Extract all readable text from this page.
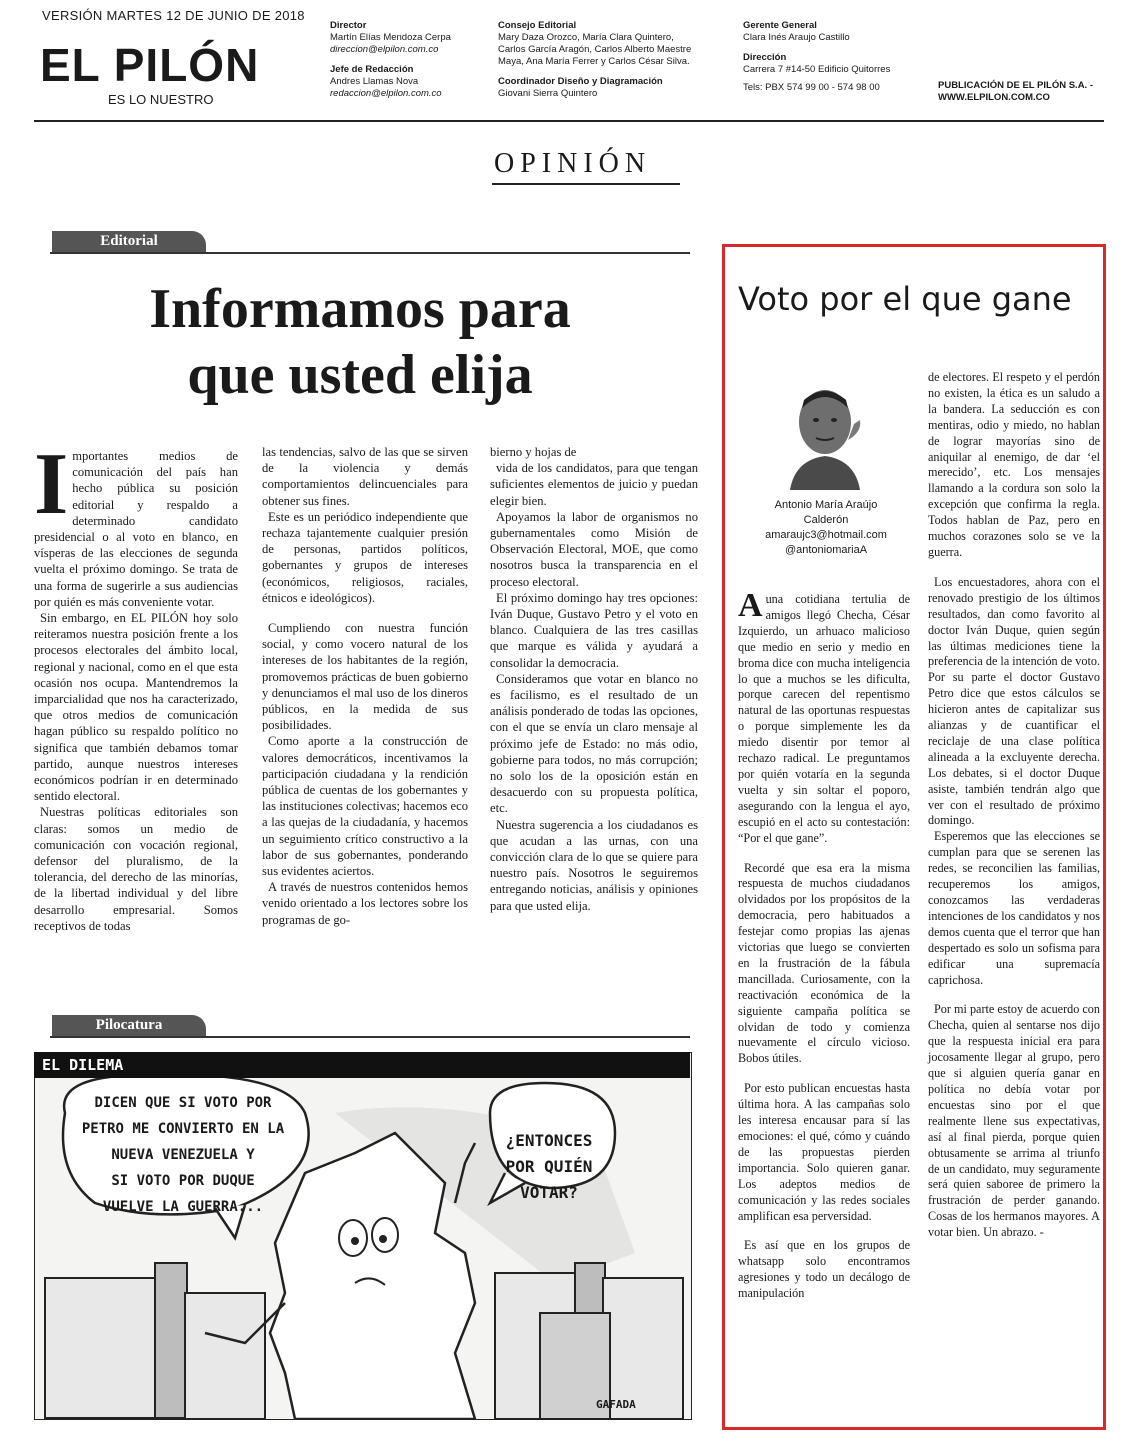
VERSIÓN MARTES 12 DE JUNIO DE 2018
EL PILÓN
ES LO NUESTRO
Director
Martín Elías Mendoza Cerpa
direccion@elpilon.com.co
Jefe de Redacción
Andres Llamas Nova
redaccion@elpilon.com.co
Consejo Editorial
Mary Daza Orozco, María Clara Quintero,
Carlos García Aragón, Carlos Alberto Maestre
Maya, Ana María Ferrer y Carlos César Silva.
Coordinador Diseño y Diagramación
Giovani Sierra Quintero
Gerente General
Clara Inés Araujo Castillo
Dirección
Carrera 7 #14-50 Edificio Quitorres
Tels: PBX 574 99 00 - 574 98 00	PUBLICACIÓN DE EL PILÓN S.A. -
WWW.ELPILON.COM.CO
OPINIÓN
Editorial
Informamos para
que usted elija
I mportantes medios de comunicación del país han hecho pública su posición editorial y respaldo a determinado candidato presidencial o al voto en blanco, en vísperas de las elecciones de segunda vuelta el próximo domingo. Se trata de una forma de sugerirle a sus audiencias por quién es más conveniente votar.

Sin embargo, en EL PILÓN hoy solo reiteramos nuestra posición frente a los procesos electorales del ámbito local, regional y nacional, como en el que esta ocasión nos ocupa. Mantendremos la imparcialidad que nos ha caracterizado, que otros medios de comunicación hagan público su respaldo político no significa que también debamos tomar partido, aunque nuestros intereses económicos podrían ir en determinado sentido electoral.

Nuestras políticas editoriales son claras: somos un medio de comunicación con vocación regional, defensor del pluralismo, de la tolerancia, del derecho de las minorías, de la libertad individual y del libre desarrollo empresarial. Somos receptivos de todas

las tendencias, salvo de las que se sirven de la violencia y demás comportamientos delincuenciales para obtener sus fines.

Este es un periódico independiente que rechaza tajantemente cualquier presión de personas, partidos políticos, gobernantes y grupos de intereses (económicos, religiosos, raciales, étnicos e ideológicos).

Cumpliendo con nuestra función social, y como vocero natural de los intereses de los habitantes de la región, promovemos prácticas de buen gobierno y denunciamos el mal uso de los dineros públicos, en la medida de sus posibilidades.

Como aporte a la construcción de valores democráticos, incentivamos la participación ciudadana y la rendición pública de cuentas de los gobernantes y las instituciones colectivas; hacemos eco a las quejas de la ciudadanía, y hacemos un seguimiento crítico constructivo a la labor de sus gobernantes, ponderando sus evidentes aciertos.

A través de nuestros contenidos hemos venido orientado a los lectores sobre los programas de go-

bierno y hojas de

vida de los candidatos, para que tengan suficientes elementos de juicio y puedan elegir bien.

Apoyamos la labor de organismos no gubernamentales como Misión de Observación Electoral, MOE, que como nosotros busca la transparencia en el proceso electoral.

El próximo domingo hay tres opciones: Iván Duque, Gustavo Petro y el voto en blanco. Cualquiera de las tres casillas que marque es válida y ayudará a consolidar la democracia.

Consideramos que votar en blanco no es facilismo, es el resultado de un análisis ponderado de todas las opciones, con el que se envía un claro mensaje al próximo jefe de Estado: no más odio, gobierne para todos, no más corrupción; no solo los de la oposición están en desacuerdo con su propuesta política, etc.

Nuestra sugerencia a los ciudadanos es que acudan a las urnas, con una convicción clara de lo que se quiere para nuestro país. Nosotros le seguiremos entregando noticias, análisis y opiniones para que usted elija.

Pilocatura
EL DILEMA
DICEN QUE SI VOTO POR
PETRO ME CONVIERTO EN LA
NUEVA VENEZUELA Y
SI VOTO POR DUQUE
VUELVE LA GUERRA...
¿ENTONCES
POR QUIÉN
VOTAR?
GAFADA
Voto por el que gane
Antonio María Araújo
Calderón
amaraujc3@hotmail.com
@antoniomariaA
A una cotidiana tertulia de amigos llegó Checha, César Izquierdo, un arhuaco malicioso que medio en serio y medio en broma dice con mucha inteligencia lo que a muchos se les dificulta, porque carecen del repentismo natural de las oportunas respuestas o porque simplemente les da miedo disentir por temor al rechazo radical. Le preguntamos por quién votaría en la segunda vuelta y sin soltar el poporo, asegurando con la lengua el ayo, escupió en el acto su contestación: “Por el que gane”.

Recordé que esa era la misma respuesta de muchos ciudadanos olvidados por los propósitos de la democracia, pero habituados a festejar como propias las ajenas victorias que luego se convierten en la frustración de la fábula mancillada. Curiosamente, con la reactivación económica de la siguiente campaña política se olvidan de todo y comienza nuevamente el círculo vicioso. Bobos útiles.

Por esto publican encuestas hasta última hora. A las campañas solo les interesa encausar para sí las emociones: el qué, cómo y cuándo de las propuestas pierden importancia. Solo quieren ganar. Los adeptos medios de comunicación y las redes sociales amplifican esa perversidad.

Es así que en los grupos de whatsapp solo encontramos agresiones y todo un decálogo de manipulación

de electores. El respeto y el perdón no existen, la ética es un saludo a la bandera. La seducción es con mentiras, odio y miedo, no hablan de lograr mayorías sino de aniquilar al enemigo, de dar ‘el merecido’, etc. Los mensajes llamando a la cordura son solo la excepción que confirma la regla. Todos hablan de Paz, pero en muchos corazones solo se ve la guerra.

Los encuestadores, ahora con el renovado prestigio de los últimos resultados, dan como favorito al doctor Iván Duque, quien según las últimas mediciones tiene la preferencia de la intención de voto. Por su parte el doctor Gustavo Petro dice que estos cálculos se hicieron antes de capitalizar sus alianzas y de cuantificar el reciclaje de una clase política alineada a la excluyente derecha. Los debates, si el doctor Duque asiste, también tendrán algo que ver con el resultado de próximo domingo.

Esperemos que las elecciones se cumplan para que se serenen las redes, se reconcilien las familias, recuperemos los amigos, conozcamos las verdaderas intenciones de los candidatos y nos demos cuenta que el terror que han despertado es solo un sofisma para edificar una supremacía caprichosa.

Por mi parte estoy de acuerdo con Checha, quien al sentarse nos dijo que la respuesta inicial era para jocosamente llegar al grupo, pero que si alguien quería ganar en política no debía votar por encuestas sino por el que realmente llene sus expectativas, así al final pierda, porque quien obtusamente se arrima al triunfo de un candidato, muy seguramente será quien saboree de primero la frustración de perder ganando. Cosas de los hermanos mayores. A votar bien. Un abrazo. -
